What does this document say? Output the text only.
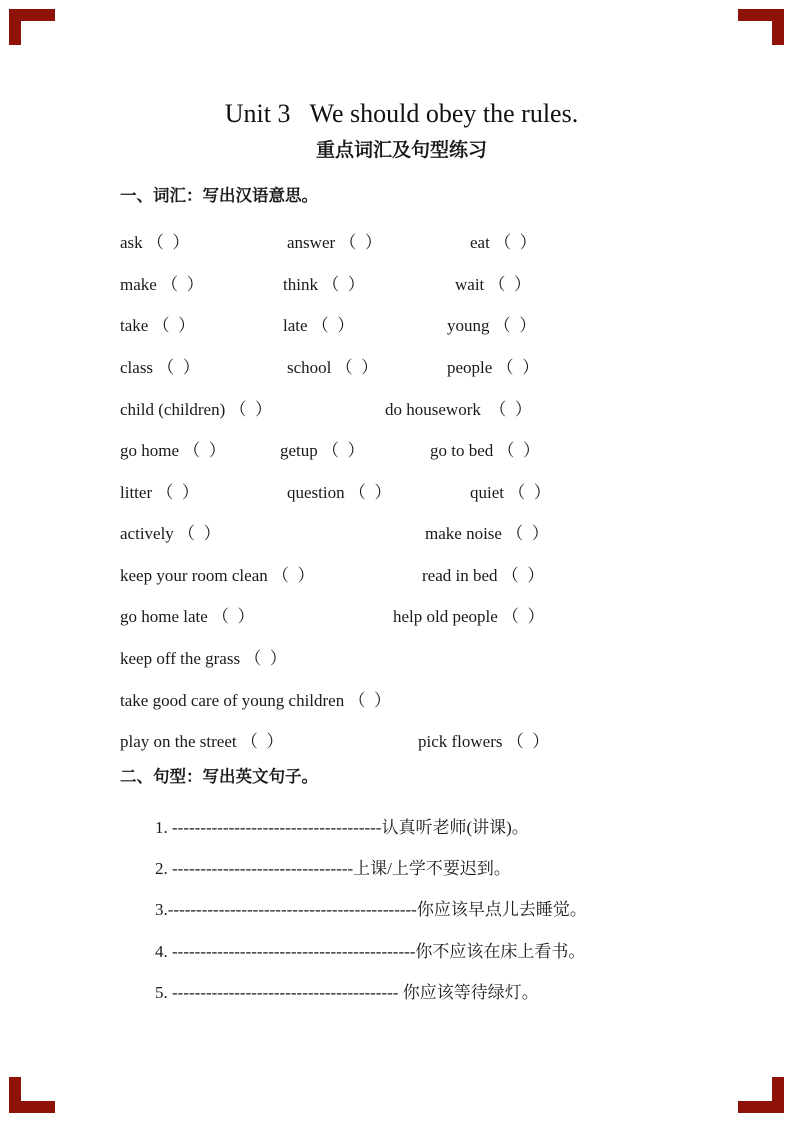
Unit 3   We should obey the rules.
重点词汇及句型练习
一、词汇：写出汉语意思。
ask （  ）	answer （  ）	eat （  ）
make （  ）	think （  ）	wait （  ）
take （  ）	late （  ）	young （  ）
class （  ）	school （  ）	people （  ）
child (children) （  ）	do housework  （  ）
go home （  ）	getup （  ）	go to bed （  ）
litter （  ）	question （  ）	quiet （  ）
actively （  ）	make noise （  ）
keep your room clean （  ）	read in bed （  ）
go home late （  ）	help old people （  ）
keep off the grass （  ）
take good care of young children （  ）
play on the street （  ）	pick flowers （  ）
二、句型：写出英文句子。
1. -------------------------------------认真听老师(讲课)。
2. --------------------------------上课/上学不要迟到。
3.--------------------------------------------你应该早点儿去睡觉。
4. -------------------------------------------你不应该在床上看书。
5. ---------------------------------------- 你应该等待绿灯。
